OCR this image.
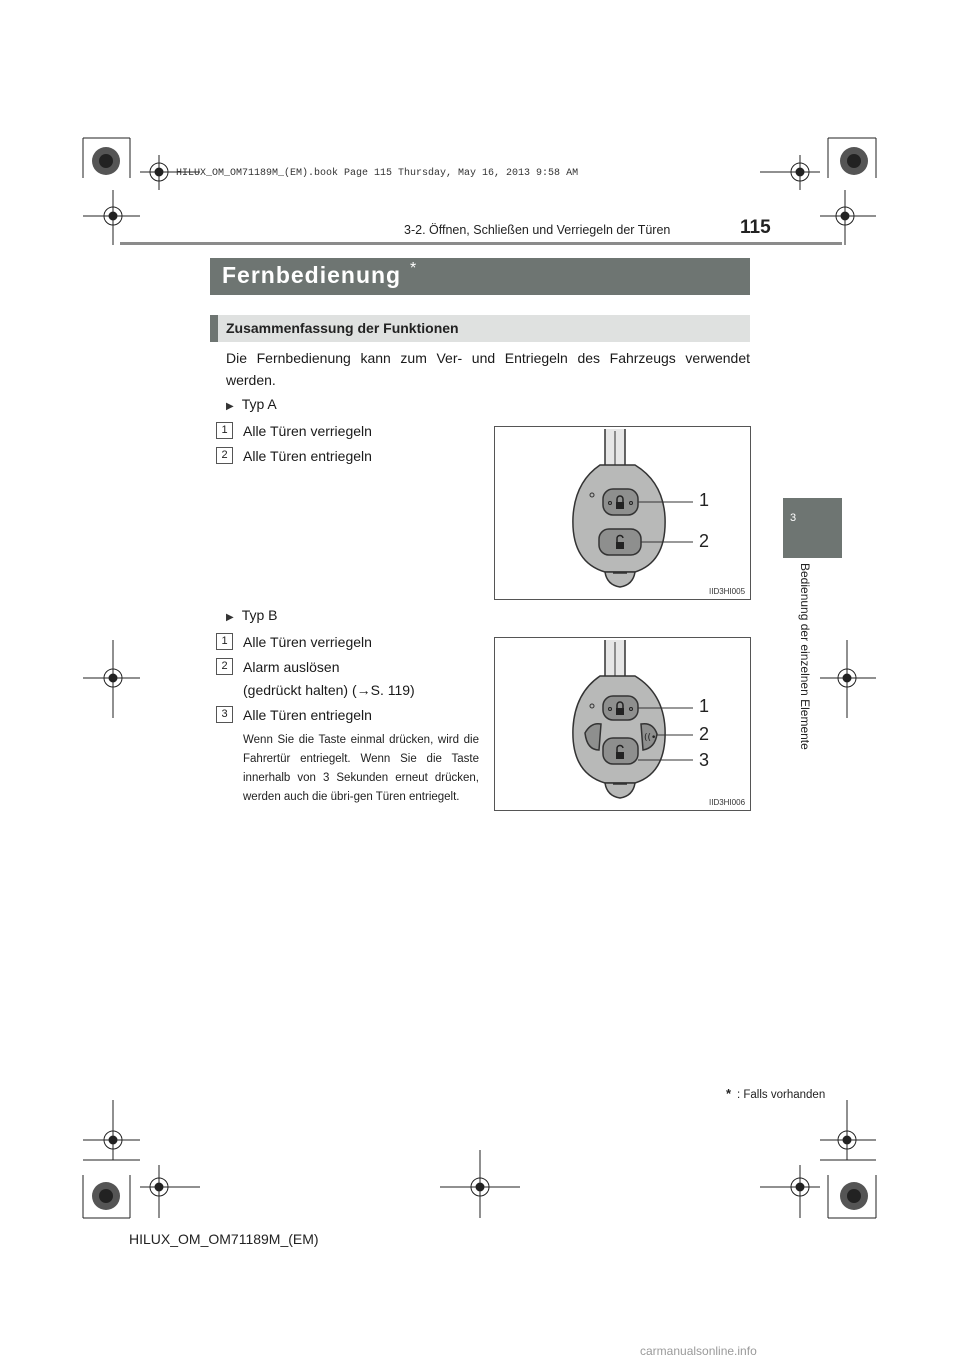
HILUX_OM_OM71189M_(EM).book Page 115 Thursday, May 16, 2013 9:58 AM
3-2. Öffnen, Schließen und Verriegeln der Türen	115
3
Bedienung der einzelnen Elemente
Fernbedienung *
Zusammenfassung der Funktionen
Die Fernbedienung kann zum Ver- und Entriegeln des Fahrzeugs verwendet werden.
▶ Typ A
1	Alle Türen verriegeln
2	Alle Türen entriegeln
1
2
IID3HI005
▶ Typ B
1	Alle Türen verriegeln
2	Alarm auslösen
(gedrückt halten) (→S. 119)
3	Alle Türen entriegeln
Wenn Sie die Taste einmal drücken, wird die Fahrertür entriegelt. Wenn Sie die Taste innerhalb von 3 Sekunden erneut drücken, werden auch die übri-gen Türen entriegelt.
((•
1
2
3
IID3HI006
* : Falls vorhanden
HILUX_OM_OM71189M_(EM)
carmanualsonline.info
